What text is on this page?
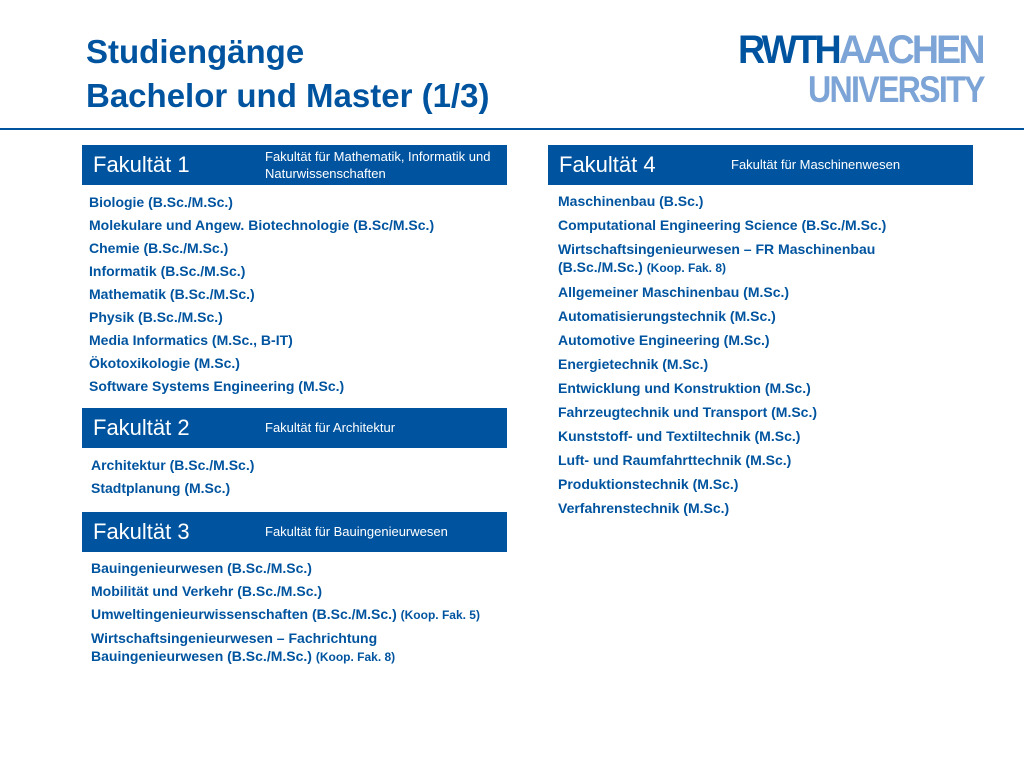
Studiengänge
Bachelor und Master (1/3)
RWTHAACHEN
UNIVERSITY
Fakultät 1	Fakultät für Mathematik, Informatik und Naturwissenschaften
Biologie (B.Sc./M.Sc.)
Molekulare und Angew. Biotechnologie (B.Sc/M.Sc.)
Chemie (B.Sc./M.Sc.)
Informatik (B.Sc./M.Sc.)
Mathematik (B.Sc./M.Sc.)
Physik (B.Sc./M.Sc.)
Media Informatics (M.Sc., B-IT)
Ökotoxikologie (M.Sc.)
Software Systems Engineering (M.Sc.)
Fakultät 2	Fakultät für Architektur
Architektur (B.Sc./M.Sc.)
Stadtplanung (M.Sc.)
Fakultät 3	Fakultät für Bauingenieurwesen
Bauingenieurwesen (B.Sc./M.Sc.)
Mobilität und Verkehr (B.Sc./M.Sc.)
Umweltingenieurwissenschaften (B.Sc./M.Sc.) (Koop. Fak. 5)
Wirtschaftsingenieurwesen – Fachrichtung Bauingenieurwesen (B.Sc./M.Sc.) (Koop. Fak. 8)
Fakultät 4	Fakultät für Maschinenwesen
Maschinenbau (B.Sc.)
Computational Engineering Science (B.Sc./M.Sc.)
Wirtschaftsingenieurwesen – FR Maschinenbau (B.Sc./M.Sc.) (Koop. Fak. 8)
Allgemeiner Maschinenbau (M.Sc.)
Automatisierungstechnik (M.Sc.)
Automotive Engineering (M.Sc.)
Energietechnik (M.Sc.)
Entwicklung und Konstruktion (M.Sc.)
Fahrzeugtechnik und Transport (M.Sc.)
Kunststoff- und Textiltechnik (M.Sc.)
Luft- und Raumfahrttechnik (M.Sc.)
Produktionstechnik (M.Sc.)
Verfahrenstechnik (M.Sc.)
